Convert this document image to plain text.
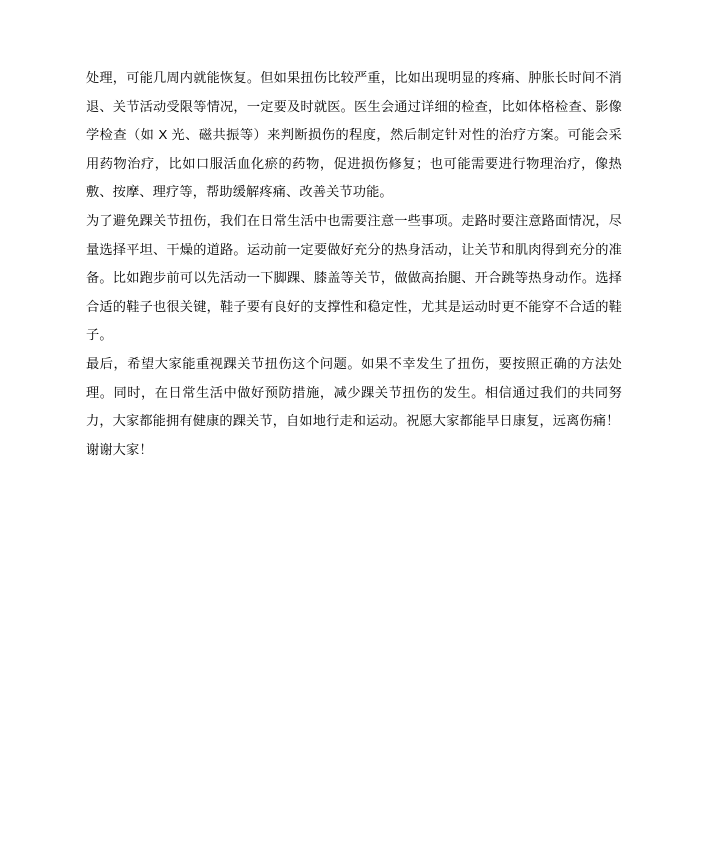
处理，可能几周内就能恢复。但如果扭伤比较严重，比如出现明显的疼痛、肿胀长时间不消退、关节活动受限等情况，一定要及时就医。医生会通过详细的检查，比如体格检查、影像学检查（如 X 光、磁共振等）来判断损伤的程度，然后制定针对性的治疗方案。可能会采用药物治疗，比如口服活血化瘀的药物，促进损伤修复；也可能需要进行物理治疗，像热敷、按摩、理疗等，帮助缓解疼痛、改善关节功能。

为了避免踝关节扭伤，我们在日常生活中也需要注意一些事项。走路时要注意路面情况，尽量选择平坦、干燥的道路。运动前一定要做好充分的热身活动，让关节和肌肉得到充分的准备。比如跑步前可以先活动一下脚踝、膝盖等关节，做做高抬腿、开合跳等热身动作。选择合适的鞋子也很关键，鞋子要有良好的支撑性和稳定性，尤其是运动时更不能穿不合适的鞋子。

最后，希望大家能重视踝关节扭伤这个问题。如果不幸发生了扭伤，要按照正确的方法处理。同时，在日常生活中做好预防措施，减少踝关节扭伤的发生。相信通过我们的共同努力，大家都能拥有健康的踝关节，自如地行走和运动。祝愿大家都能早日康复，远离伤痛！

谢谢大家！
